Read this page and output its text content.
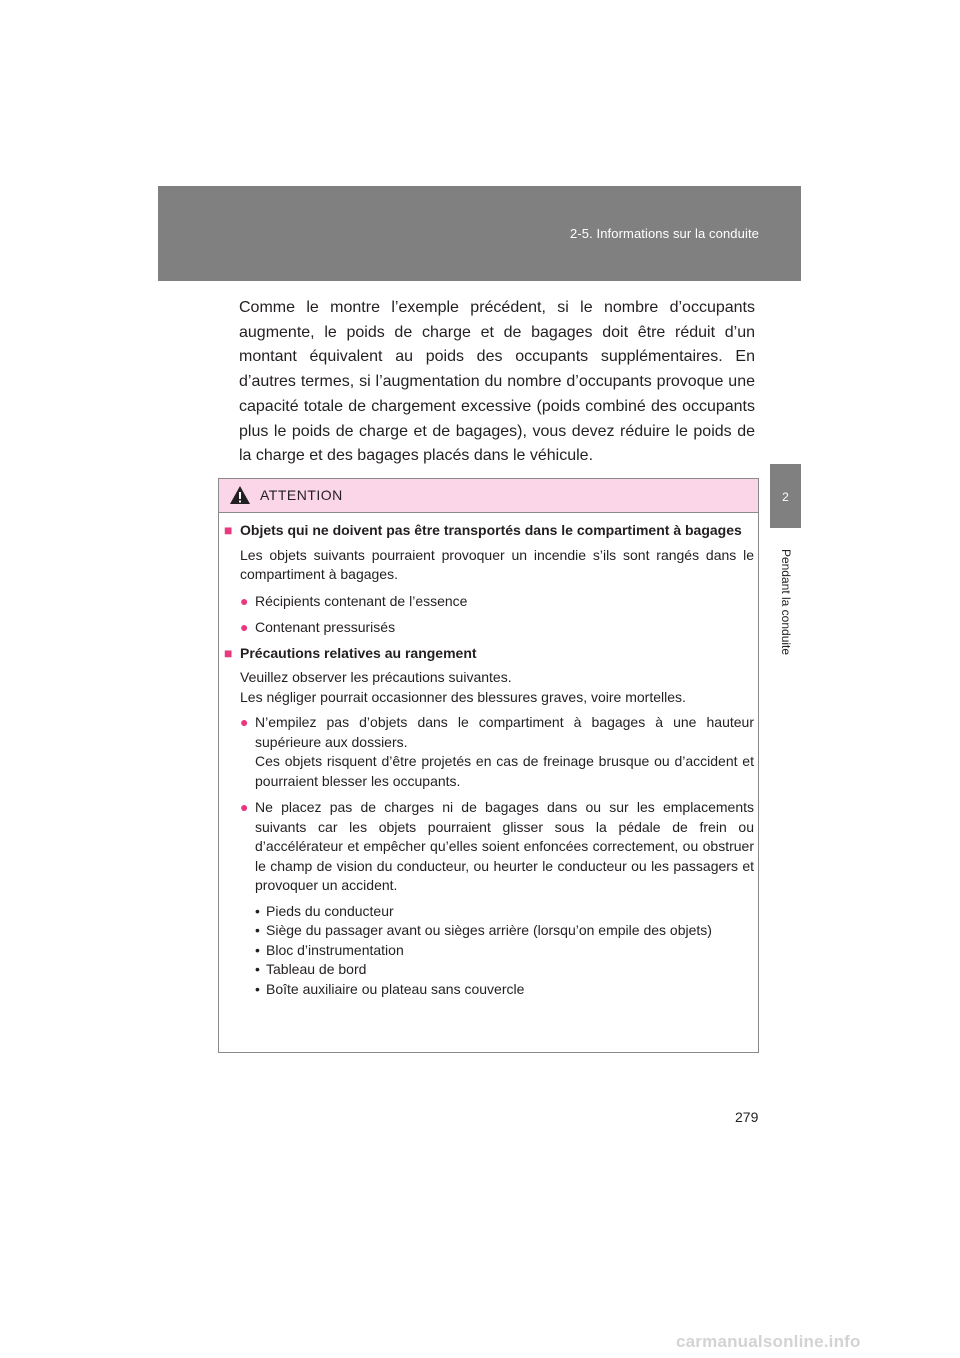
2-5. Informations sur la conduite
2
Pendant la conduite

Comme le montre l’exemple précédent, si le nombre d’occupants augmente, le poids de charge et de bagages doit être réduit d’un montant équivalent au poids des occupants supplémentaires. En d’autres termes, si l’augmentation du nombre d’occupants provoque une capacité totale de chargement excessive (poids combiné des occupants plus le poids de charge et de bagages), vous devez réduire le poids de la charge et des bagages placés dans le véhicule.

ATTENTION
■ Objets qui ne doivent pas être transportés dans le compartiment à bagages
Les objets suivants pourraient provoquer un incendie s’ils sont rangés dans le compartiment à bagages.
● Récipients contenant de l’essence
● Contenant pressurisés
■ Précautions relatives au rangement
Veuillez observer les précautions suivantes.
Les négliger pourrait occasionner des blessures graves, voire mortelles.
● N’empilez pas d’objets dans le compartiment à bagages à une hauteur supérieure aux dossiers.
Ces objets risquent d’être projetés en cas de freinage brusque ou d’accident et pourraient blesser les occupants.
● Ne placez pas de charges ni de bagages dans ou sur les emplacements suivants car les objets pourraient glisser sous la pédale de frein ou d’accélérateur et empêcher qu’elles soient enfoncées correctement, ou obstruer le champ de vision du conducteur, ou heurter le conducteur ou les passagers et provoquer un accident.
• Pieds du conducteur
• Siège du passager avant ou sièges arrière (lorsqu’on empile des objets)
• Bloc d’instrumentation
• Tableau de bord
• Boîte auxiliaire ou plateau sans couvercle
279
carmanualsonline.info
